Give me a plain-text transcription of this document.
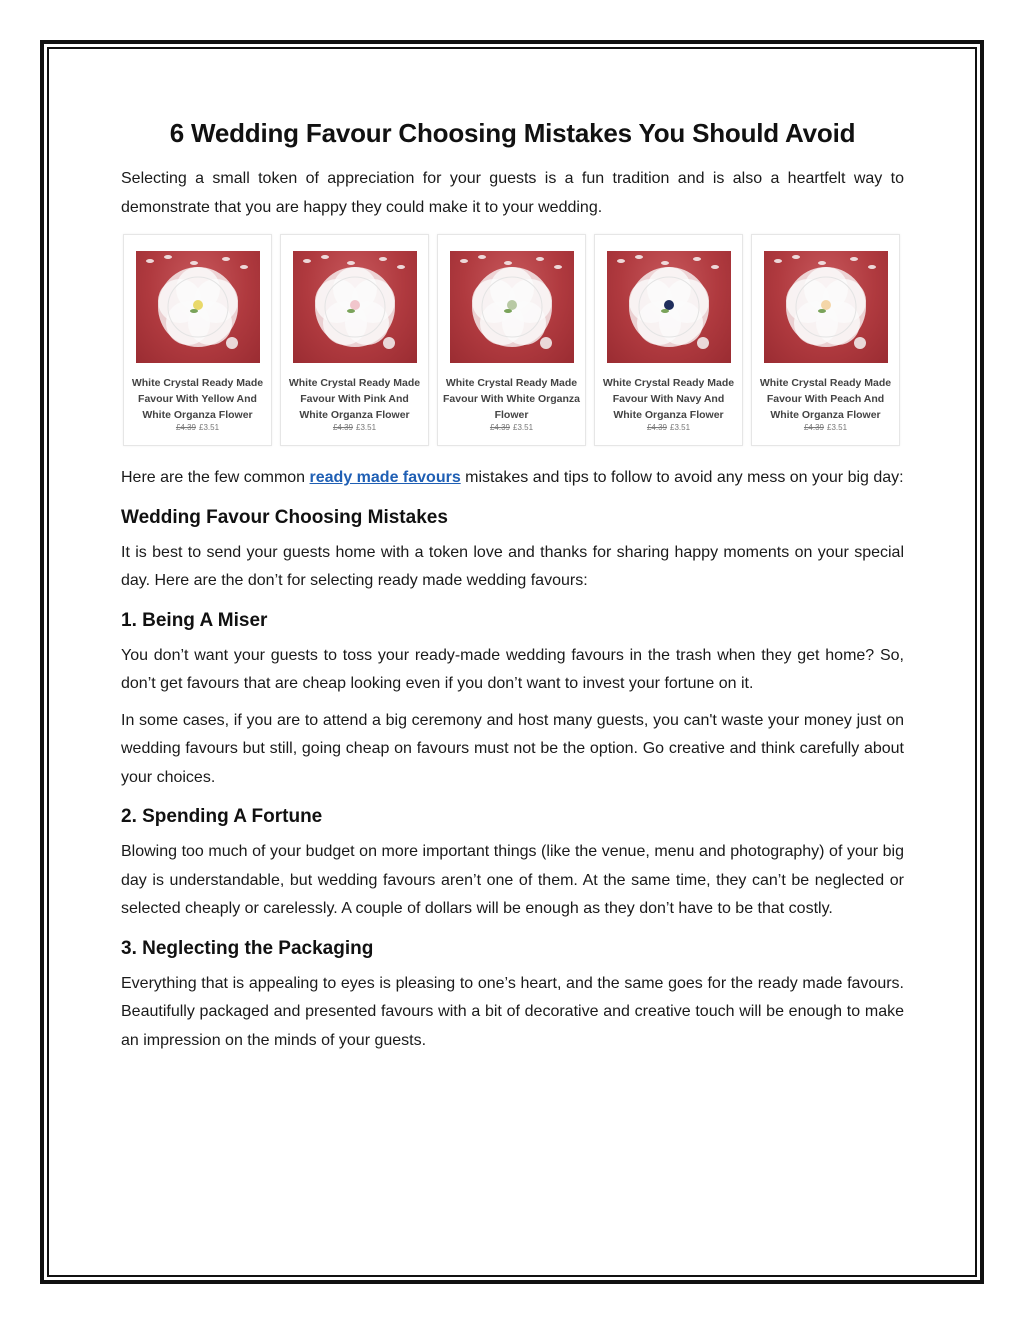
6 Wedding Favour Choosing Mistakes You Should Avoid

Selecting a small token of appreciation for your guests is a fun tradition and is also a heartfelt way to demonstrate that you are happy they could make it to your wedding.

White Crystal Ready Made Favour With Yellow And White Organza Flower
£4.39 £3.51
White Crystal Ready Made Favour With Pink And White Organza Flower
£4.39 £3.51
White Crystal Ready Made Favour With White Organza Flower
£4.39 £3.51
White Crystal Ready Made Favour With Navy And White Organza Flower
£4.39 £3.51
White Crystal Ready Made Favour With Peach And White Organza Flower
£4.39 £3.51

Here are the few common ready made favours mistakes and tips to follow to avoid any mess on your big day:

Wedding Favour Choosing Mistakes

It is best to send your guests home with a token love and thanks for sharing happy moments on your special day. Here are the don’t for selecting ready made wedding favours:

1. Being A Miser

You don’t want your guests to toss your ready-made wedding favours in the trash when they get home? So, don’t get favours that are cheap looking even if you don’t want to invest your fortune on it.

In some cases, if you are to attend a big ceremony and host many guests, you can't waste your money just on wedding favours but still, going cheap on favours must not be the option. Go creative and think carefully about your choices.

2. Spending A Fortune

Blowing too much of your budget on more important things (like the venue, menu and photography) of your big day is understandable, but wedding favours aren’t one of them. At the same time, they can’t be neglected or selected cheaply or carelessly. A couple of dollars will be enough as they don’t have to be that costly.

3. Neglecting the Packaging

Everything that is appealing to eyes is pleasing to one’s heart, and the same goes for the ready made favours. Beautifully packaged and presented favours with a bit of decorative and creative touch will be enough to make an impression on the minds of your guests.
